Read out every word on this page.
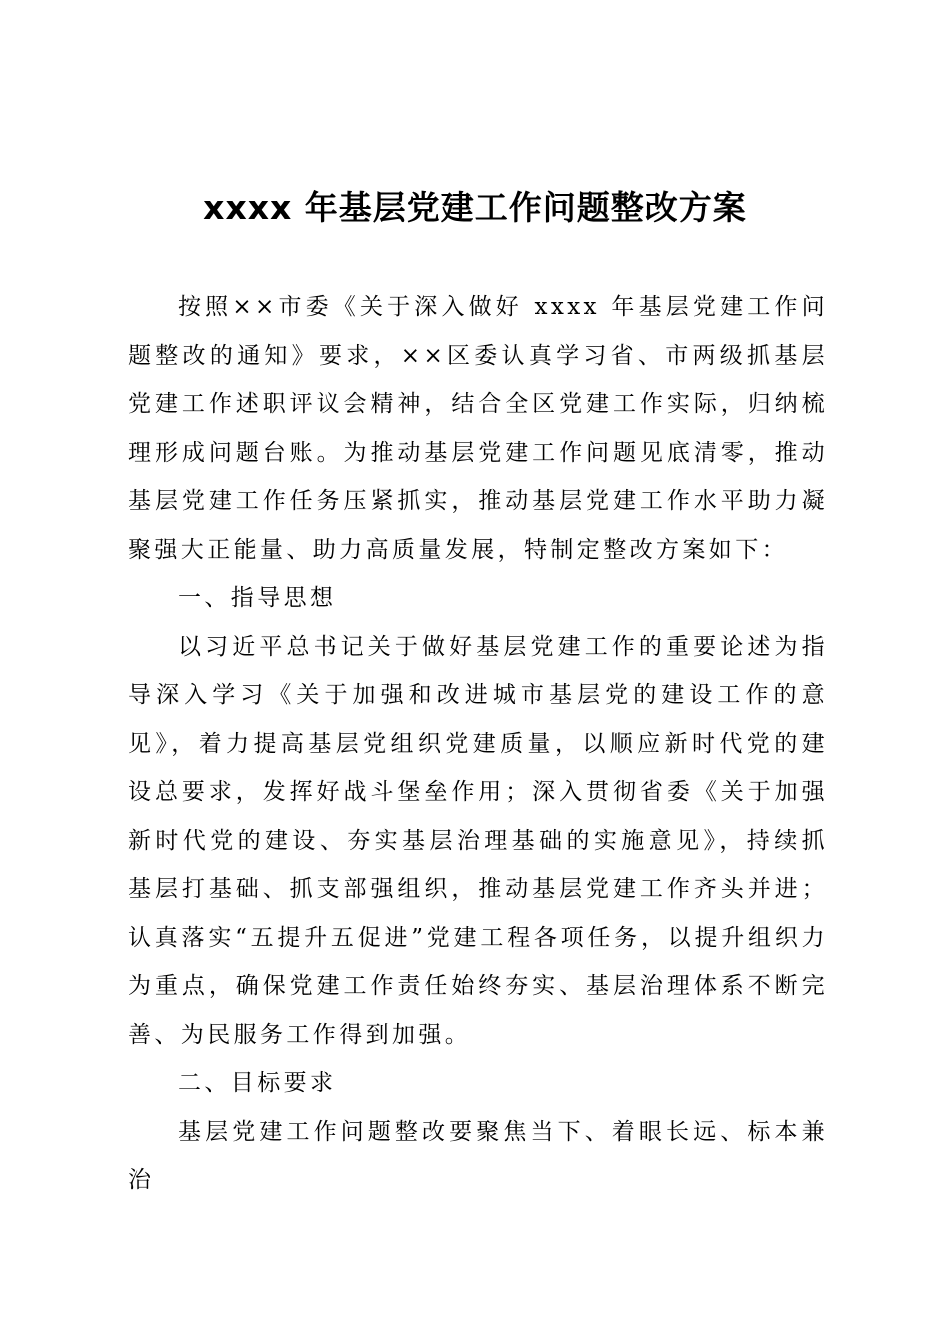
xxxx 年基层党建工作问题整改方案

按照××市委《关于深入做好 xxxx 年基层党建工作问题整改的通知》要求，××区委认真学习省、市两级抓基层党建工作述职评议会精神，结合全区党建工作实际，归纳梳理形成问题台账。为推动基层党建工作问题见底清零，推动基层党建工作任务压紧抓实，推动基层党建工作水平助力凝聚强大正能量、助力高质量发展，特制定整改方案如下：

一、指导思想

以习近平总书记关于做好基层党建工作的重要论述为指导深入学习《关于加强和改进城市基层党的建设工作的意见》，着力提高基层党组织党建质量，以顺应新时代党的建设总要求，发挥好战斗堡垒作用；深入贯彻省委《关于加强新时代党的建设、夯实基层治理基础的实施意见》，持续抓基层打基础、抓支部强组织，推动基层党建工作齐头并进；认真落实“五提升五促进”党建工程各项任务，以提升组织力为重点，确保党建工作责任始终夯实、基层治理体系不断完善、为民服务工作得到加强。

二、目标要求

基层党建工作问题整改要聚焦当下、着眼长远、标本兼治
